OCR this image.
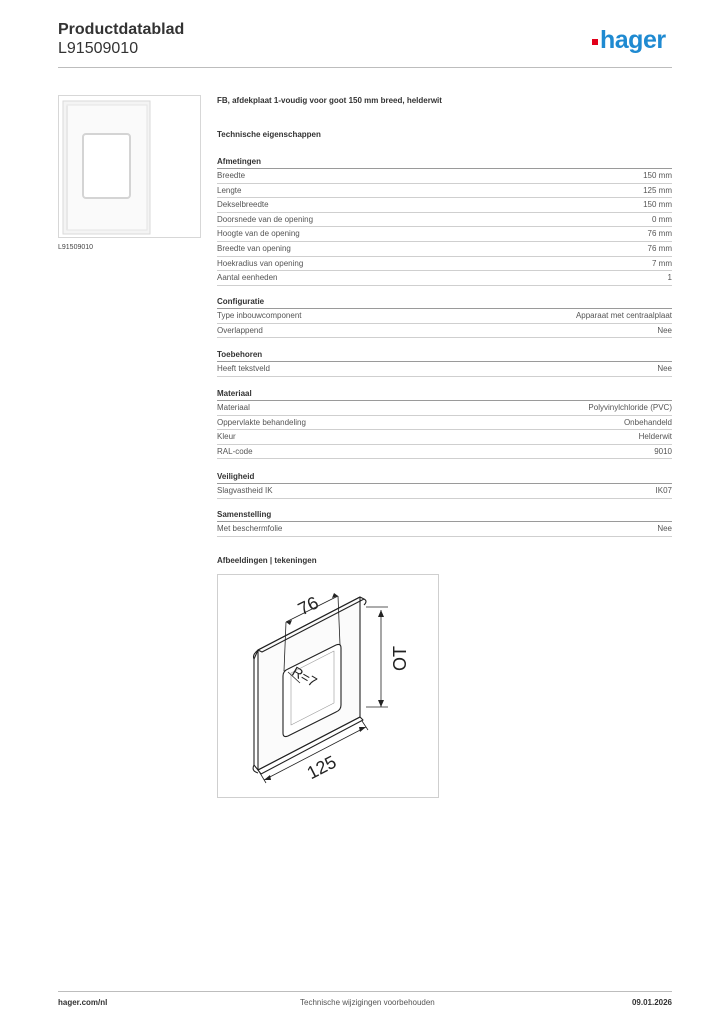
Productdatablad
L91509010	hager
L91509010
FB, afdekplaat 1-voudig voor goot 150 mm breed, helderwit
Technische eigenschappen
Afmetingen
Breedte	150 mm
Lengte	125 mm
Dekselbreedte	150 mm
Doorsnede van de opening	0 mm
Hoogte van de opening	76 mm
Breedte van opening	76 mm
Hoekradius van opening	7 mm
Aantal eenheden	1
Configuratie
Type inbouwcomponent	Apparaat met centraalplaat
Overlappend	Nee
Toebehoren
Heeft tekstveld	Nee
Materiaal
Materiaal	Polyvinylchloride (PVC)
Oppervlakte behandeling	Onbehandeld
Kleur	Helderwit
RAL-code	9010
Veiligheid
Slagvastheid IK	IK07
Samenstelling
Met beschermfolie	Nee
Afbeeldingen | tekeningen
76
OT
R=7
125
hager.com/nl	Technische wijzigingen voorbehouden	09.01.2026
